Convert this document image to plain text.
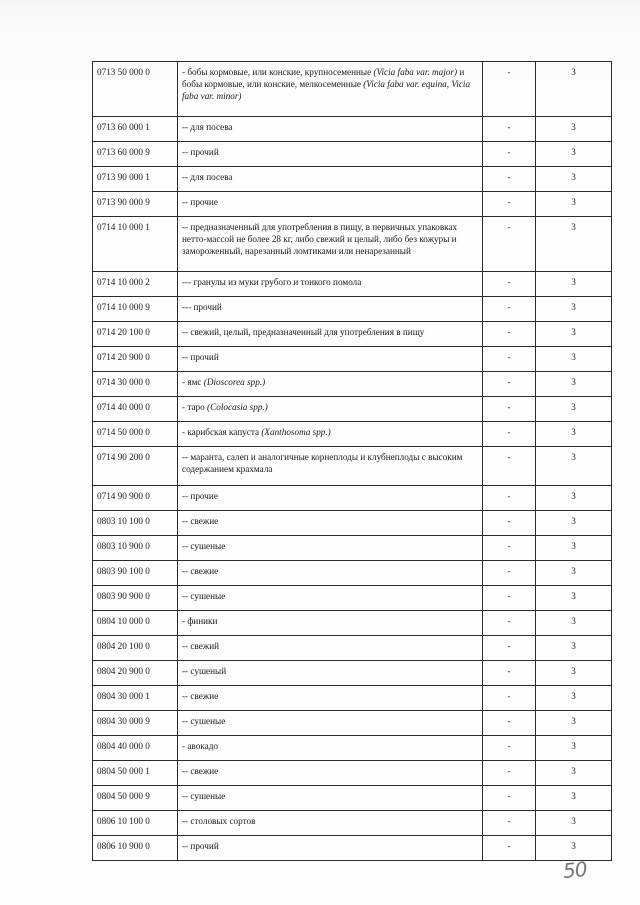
0713 50 000 0	- бобы кормовые, или конские, крупносеменные (Vicia faba var. major) и бобы кормовые, или конские, мелкосеменные (Vicia faba var. equina, Vicia faba var. minor)	-	3
0713 60 000 1	-- для посева	-	3
0713 60 000 9	-- прочий	-	3
0713 90 000 1	-- для посева	-	3
0713 90 000 9	-- прочие	-	3
0714 10 000 1	-- предназначенный для употребления в пищу, в первичных упаковках нетто-массой не более 28 кг, либо свежий и целый, либо без кожуры и замороженный, нарезанный ломтиками или ненарезанный	-	3
0714 10 000 2	--- гранулы из муки грубого и тонкого помола	-	3
0714 10 000 9	--- прочий	-	3
0714 20 100 0	-- свежий, целый, предназначенный для употребления в пищу	-	3
0714 20 900 0	-- прочий	-	3
0714 30 000 0	- ямс (Dioscorea spp.)	-	3
0714 40 000 0	- таро (Colocasia spp.)	-	3
0714 50 000 0	- карибская капуста (Xanthosoma spp.)	-	3
0714 90 200 0	-- маранта, салеп и аналогичные корнеплоды и клубнеплоды с высоким содержанием крахмала	-	3
0714 90 900 0	-- прочие	-	3
0803 10 100 0	-- свежие	-	3
0803 10 900 0	-- сушеные	-	3
0803 90 100 0	-- свежие	-	3
0803 90 900 0	-- сушеные	-	3
0804 10 000 0	- финики	-	3
0804 20 100 0	-- свежий	-	3
0804 20 900 0	-- сушеный	-	3
0804 30 000 1	-- свежие	-	3
0804 30 000 9	-- сушеные	-	3
0804 40 000 0	- авокадо	-	3
0804 50 000 1	-- свежие	-	3
0804 50 000 9	-- сушеные	-	3
0806 10 100 0	-- столовых сортов	-	3
0806 10 900 0	-- прочий	-	3
50
